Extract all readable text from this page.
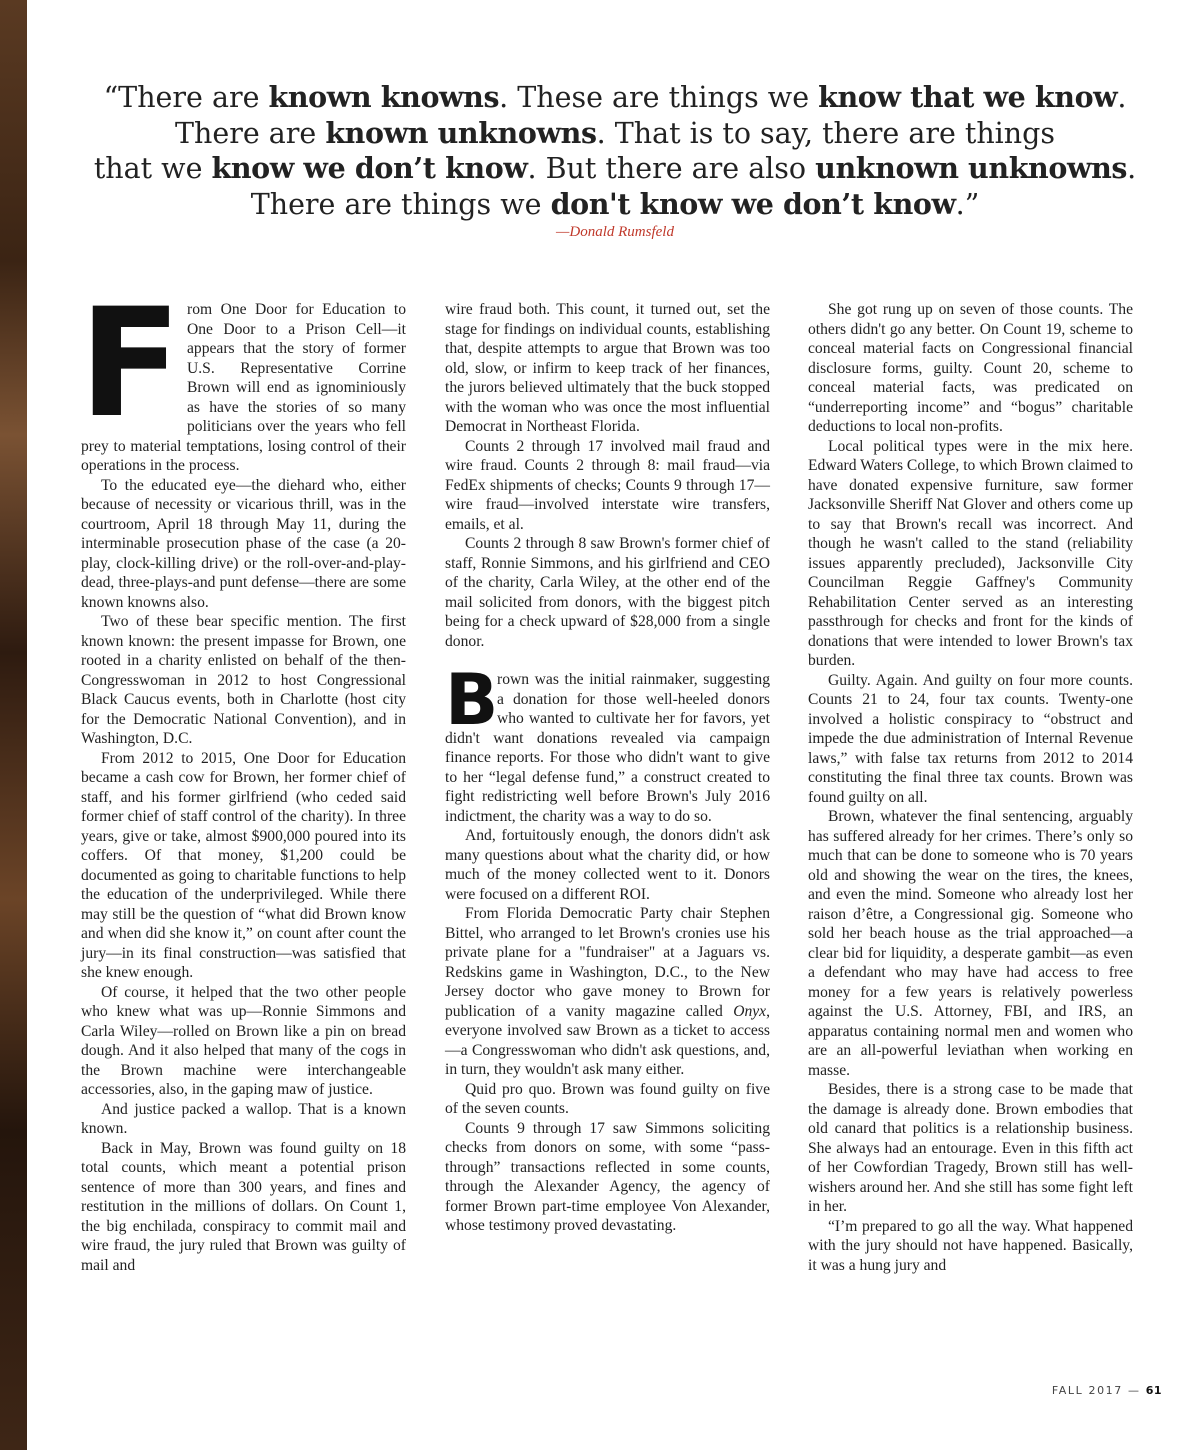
“There are known knowns. These are things we know that we know.
There are known unknowns. That is to say, there are things
that we know we don’t know. But there are also unknown unknowns.
There are things we don't know we don’t know.”
—Donald Rumsfeld
F rom One Door for Education to One Door to a Prison Cell—it appears that the story of former U.S. Representative Corrine Brown will end as ignominiously as have the stories of so many politicians over the years who fell prey to material temptations, losing control of their operations in the process.

To the educated eye—the diehard who, either because of necessity or vicarious thrill, was in the courtroom, April 18 through May 11, during the interminable prosecution phase of the case (a 20-play, clock-killing drive) or the roll-over-and-play-dead, three-plays-and punt defense—there are some known knowns also.

Two of these bear specific mention. The first known known: the present impasse for Brown, one rooted in a charity enlisted on behalf of the then-Congresswoman in 2012 to host Congressional Black Caucus events, both in Charlotte (host city for the Democratic National Convention), and in Washington, D.C.

From 2012 to 2015, One Door for Education became a cash cow for Brown, her former chief of staff, and his former girlfriend (who ceded said former chief of staff control of the charity). In three years, give or take, almost $900,000 poured into its coffers. Of that money, $1,200 could be documented as going to charitable functions to help the education of the underprivileged. While there may still be the question of “what did Brown know and when did she know it,” on count after count the jury—in its final construction—was satisfied that she knew enough.

Of course, it helped that the two other people who knew what was up—Ronnie Simmons and Carla Wiley—rolled on Brown like a pin on bread dough. And it also helped that many of the cogs in the Brown machine were interchangeable accessories, also, in the gaping maw of justice.

And justice packed a wallop. That is a known known.

Back in May, Brown was found guilty on 18 total counts, which meant a potential prison sentence of more than 300 years, and fines and restitution in the millions of dollars. On Count 1, the big enchilada, conspiracy to commit mail and wire fraud, the jury ruled that Brown was guilty of mail and

wire fraud both. This count, it turned out, set the stage for findings on individual counts, establishing that, despite attempts to argue that Brown was too old, slow, or infirm to keep track of her finances, the jurors believed ultimately that the buck stopped with the woman who was once the most influential Democrat in Northeast Florida.

Counts 2 through 17 involved mail fraud and wire fraud. Counts 2 through 8: mail fraud—via FedEx shipments of checks; Counts 9 through 17—wire fraud—involved interstate wire transfers, emails, et al.

Counts 2 through 8 saw Brown's former chief of staff, Ronnie Simmons, and his girlfriend and CEO of the charity, Carla Wiley, at the other end of the mail solicited from donors, with the biggest pitch being for a check upward of $28,000 from a single donor.

B

rown was the initial rainmaker, suggesting a donation for those well-heeled donors who wanted to cultivate her for favors, yet didn't want donations revealed via campaign finance reports. For those who didn't want to give to her “legal defense fund,” a construct created to fight redistricting well before Brown's July 2016 indictment, the charity was a way to do so.

And, fortuitously enough, the donors didn't ask many questions about what the charity did, or how much of the money collected went to it. Donors were focused on a different ROI.

From Florida Democratic Party chair Stephen Bittel, who arranged to let Brown's cronies use his private plane for a "fundraiser" at a Jaguars vs. Redskins game in Washington, D.C., to the New Jersey doctor who gave money to Brown for publication of a vanity magazine called Onyx, everyone involved saw Brown as a ticket to access—a Congresswoman who didn't ask questions, and, in turn, they wouldn't ask many either.

Quid pro quo. Brown was found guilty on five of the seven counts.

Counts 9 through 17 saw Simmons soliciting checks from donors on some, with some “pass-through” transactions reflected in some counts, through the Alexander Agency, the agency of former Brown part-time employee Von Alexander, whose testimony proved devastating.

She got rung up on seven of those counts. The others didn't go any better. On Count 19, scheme to conceal material facts on Congressional financial disclosure forms, guilty. Count 20, scheme to conceal material facts, was predicated on “underreporting income” and “bogus” charitable deductions to local non-profits.

Local political types were in the mix here. Edward Waters College, to which Brown claimed to have donated expensive furniture, saw former Jacksonville Sheriff Nat Glover and others come up to say that Brown's recall was incorrect. And though he wasn't called to the stand (reliability issues apparently precluded), Jacksonville City Councilman Reggie Gaffney's Community Rehabilitation Center served as an interesting passthrough for checks and front for the kinds of donations that were intended to lower Brown's tax burden.

Guilty. Again. And guilty on four more counts. Counts 21 to 24, four tax counts. Twenty-one involved a holistic conspiracy to “obstruct and impede the due administration of Internal Revenue laws,” with false tax returns from 2012 to 2014 constituting the final three tax counts. Brown was found guilty on all.

Brown, whatever the final sentencing, arguably has suffered already for her crimes. There’s only so much that can be done to someone who is 70 years old and showing the wear on the tires, the knees, and even the mind. Someone who already lost her raison d’être, a Congressional gig. Someone who sold her beach house as the trial approached—a clear bid for liquidity, a desperate gambit—as even a defendant who may have had access to free money for a few years is relatively powerless against the U.S. Attorney, FBI, and IRS, an apparatus containing normal men and women who are an all-powerful leviathan when working en masse.

Besides, there is a strong case to be made that the damage is already done. Brown embodies that old canard that politics is a relationship business. She always had an entourage. Even in this fifth act of her Cowfordian Tragedy, Brown still has well-wishers around her. And she still has some fight left in her.

“I’m prepared to go all the way. What happened with the jury should not have happened. Basically, it was a hung jury and

FALL 2017 — 61
